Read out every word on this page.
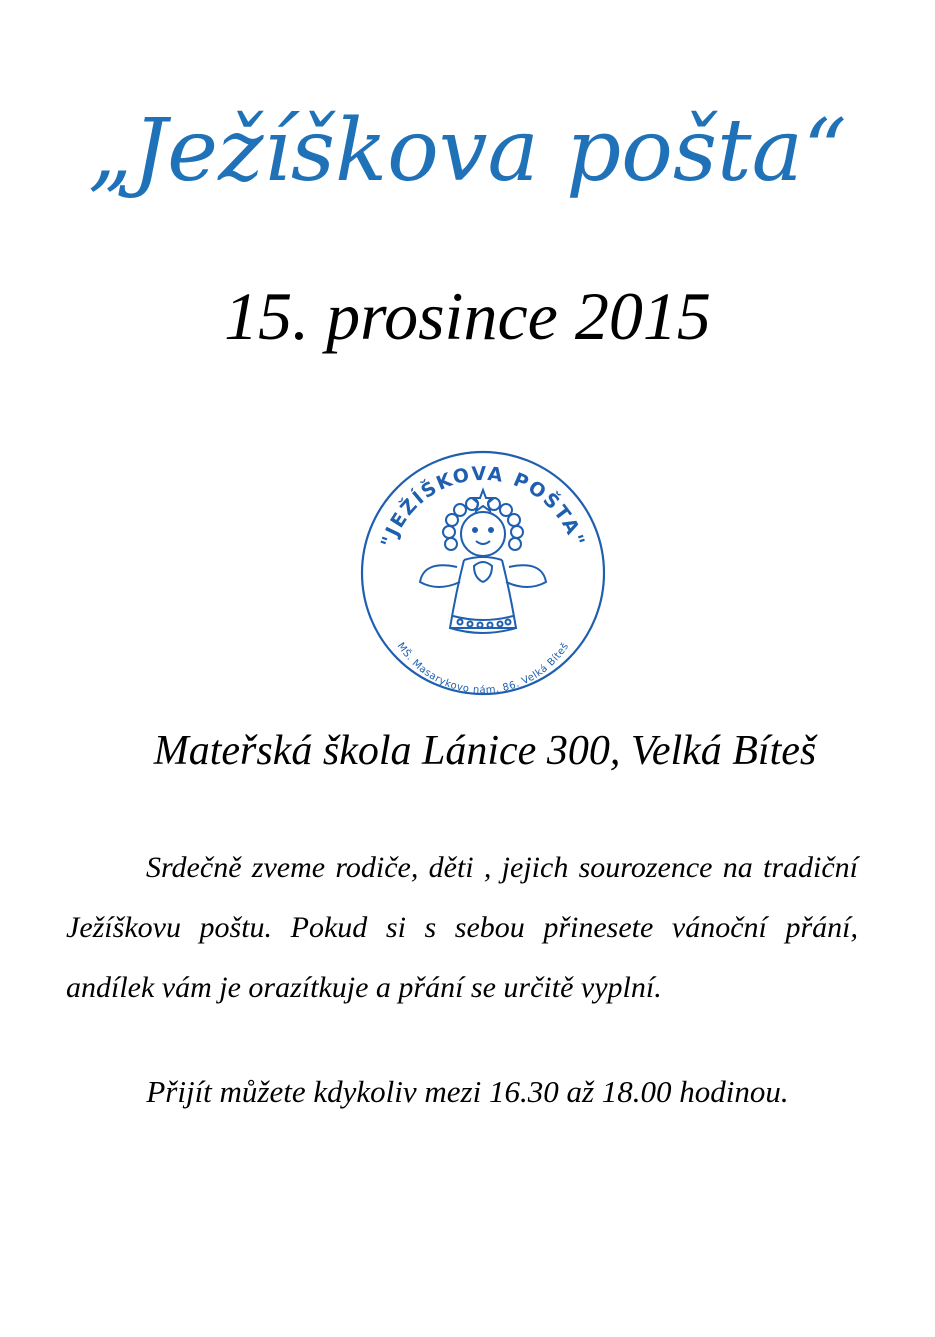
„Ježíškova pošta“
15. prosince 2015
"JEŽÍŠKOVA POŠTA"
MŠ. Masarykovo nám. 86. Velká Bíteš
Mateřská škola Lánice 300, Velká Bíteš

Srdečně zveme rodiče, děti , jejich sourozence na tradiční Ježíškovu poštu. Pokud si s sebou přinesete vánoční přání, andílek vám je orazítkuje a přání se určitě vyplní.

Přijít můžete kdykoliv mezi 16.30 až 18.00 hodinou.
